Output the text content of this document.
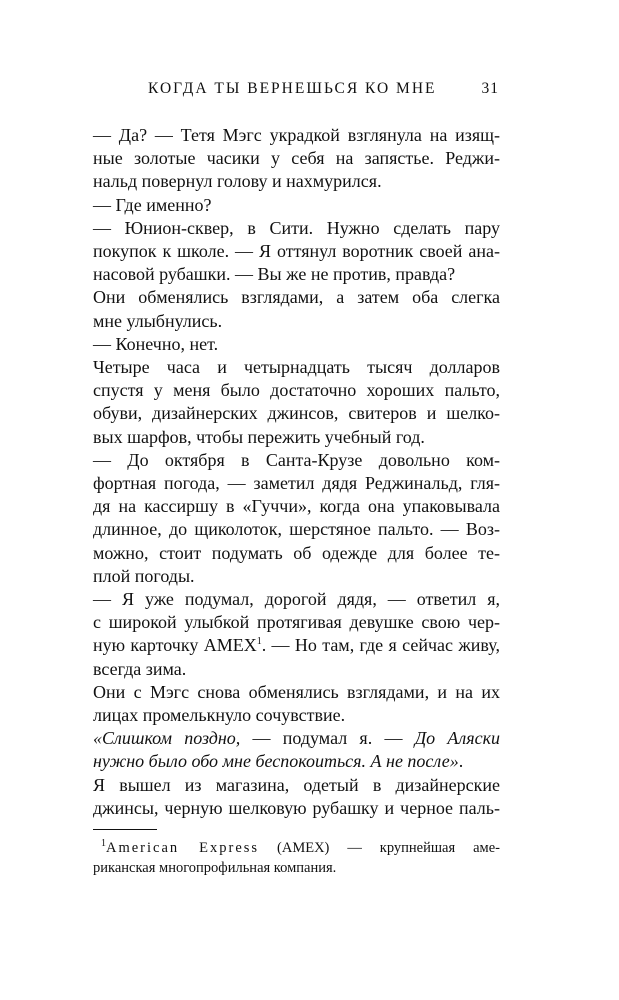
КОГДА ТЫ ВЕРНЕШЬСЯ КО МНЕ	31

— Да? — Тетя Мэгс украдкой взглянула на изящ-
ные золотые часики у себя на запястье. Реджи-
нальд повернул голову и нахмурился.

— Где именно?

— Юнион-сквер, в Сити. Нужно сделать пару
покупок к школе. — Я оттянул воротник своей ана-
насовой рубашки. — Вы же не против, правда?

Они обменялись взглядами, а затем оба слегка
мне улыбнулись.

— Конечно, нет.

Четыре часа и четырнадцать тысяч долларов
спустя у меня было достаточно хороших пальто,
обуви, дизайнерских джинсов, свитеров и шелко-
вых шарфов, чтобы пережить учебный год.

— До октября в Санта-Крузе довольно ком-
фортная погода, — заметил дядя Реджинальд, гля-
дя на кассиршу в «Гуччи», когда она упаковывала
длинное, до щиколоток, шерстяное пальто. — Воз-
можно, стоит подумать об одежде для более те-
плой погоды.

— Я уже подумал, дорогой дядя, — ответил я,
с широкой улыбкой протягивая девушке свою чер-
ную карточку AMEX$^1$. — Но там, где я сейчас живу,
всегда зима.

Они с Мэгс снова обменялись взглядами, и на их
лицах промелькнуло сочувствие.

«Слишком поздно, — подумал я. — До Аляски
нужно было обо мне беспокоиться. А не после».

Я вышел из магазина, одетый в дизайнерские
джинсы, черную шелковую рубашку и черное паль-

$^1$American Express (AMEX) — крупнейшая аме-
риканская многопрофильная компания.
